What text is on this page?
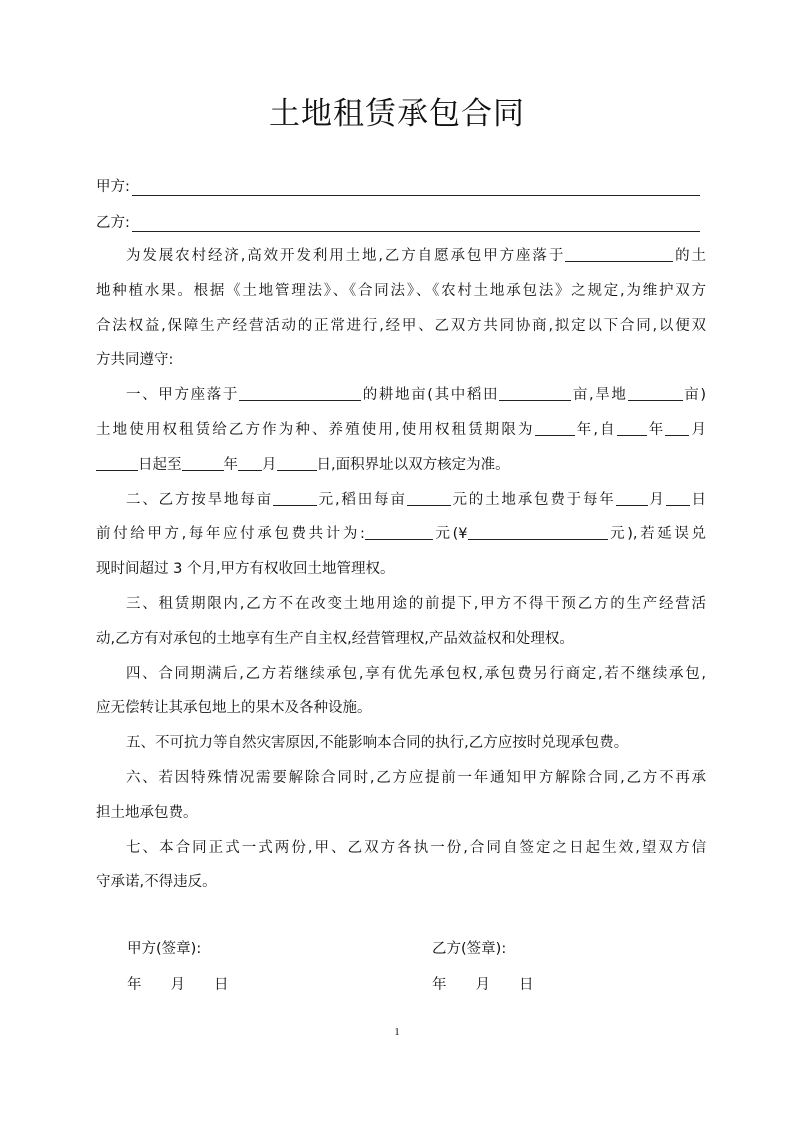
土地租赁承包合同
甲方:
乙方:
为发展农村经济,高效开发利用土地,乙方自愿承包甲方座落于	的土
地种植水果。根据《土地管理法》、《合同法》、《农村土地承包法》之规定,为维护双方
合法权益,保障生产经营活动的正常进行,经甲、乙双方共同协商,拟定以下合同,以便双
方共同遵守:
一、甲方座落于	的耕地亩(其中稻田	亩,旱地	亩)
土地使用权租赁给乙方作为种、养殖使用,使用权租赁期限为	年,自 年 月
日起至	年 月	日,面积界址以双方核定为准。
二、乙方按旱地每亩	元,稻田每亩	元的土地承包费于每年 月 日
前付给甲方,每年应付承包费共计为:	元(¥	元),若延误兑
现时间超过 3 个月,甲方有权收回土地管理权。
三、租赁期限内,乙方不在改变土地用途的前提下,甲方不得干预乙方的生产经营活
动,乙方有对承包的土地享有生产自主权,经营管理权,产品效益权和处理权。
四、合同期满后,乙方若继续承包,享有优先承包权,承包费另行商定,若不继续承包,
应无偿转让其承包地上的果木及各种设施。
五、不可抗力等自然灾害原因,不能影响本合同的执行,乙方应按时兑现承包费。
六、若因特殊情况需要解除合同时,乙方应提前一年通知甲方解除合同,乙方不再承
担土地承包费。
七、本合同正式一式两份,甲、乙双方各执一份,合同自签定之日起生效,望双方信
守承诺,不得违反。
甲方(签章):
年　　月　　日
乙方(签章):
年　　月　　日
1
